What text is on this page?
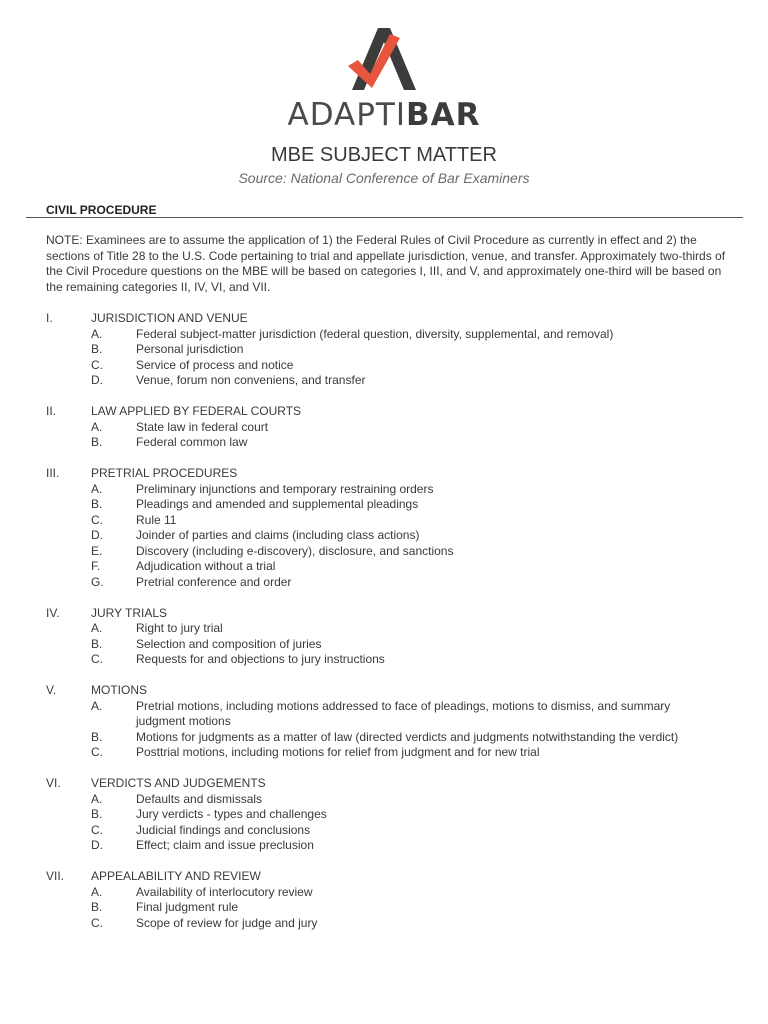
ADAPTIBAR
MBE SUBJECT MATTER
Source: National Conference of Bar Examiners
CIVIL PROCEDURE
NOTE: Examinees are to assume the application of 1) the Federal Rules of Civil Procedure as currently in effect and 2) the sections of Title 28 to the U.S. Code pertaining to trial and appellate jurisdiction, venue, and transfer. Approximately two-thirds of the Civil Procedure questions on the MBE will be based on categories I, III, and V, and approximately one-third will be based on the remaining categories II, IV, VI, and VII.
I.	JURISDICTION AND VENUE
A.	Federal subject-matter jurisdiction (federal question, diversity, supplemental, and removal)
B.	Personal jurisdiction
C.	Service of process and notice
D.	Venue, forum non conveniens, and transfer
II.	LAW APPLIED BY FEDERAL COURTS
A.	State law in federal court
B.	Federal common law
III.	PRETRIAL PROCEDURES
A.	Preliminary injunctions and temporary restraining orders
B.	Pleadings and amended and supplemental pleadings
C.	Rule 11
D.	Joinder of parties and claims (including class actions)
E.	Discovery (including e-discovery), disclosure, and sanctions
F.	Adjudication without a trial
G.	Pretrial conference and order
IV.	JURY TRIALS
A.	Right to jury trial
B.	Selection and composition of juries
C.	Requests for and objections to jury instructions
V.	MOTIONS
A.	Pretrial motions, including motions addressed to face of pleadings, motions to dismiss, and summary judgment motions
B.	Motions for judgments as a matter of law (directed verdicts and judgments notwithstanding the verdict)
C.	Posttrial motions, including motions for relief from judgment and for new trial
VI.	VERDICTS AND JUDGEMENTS
A.	Defaults and dismissals
B.	Jury verdicts - types and challenges
C.	Judicial findings and conclusions
D.	Effect; claim and issue preclusion
VII. APPEALABILITY AND REVIEW
A.	Availability of interlocutory review
B.	Final judgment rule
C.	Scope of review for judge and jury
